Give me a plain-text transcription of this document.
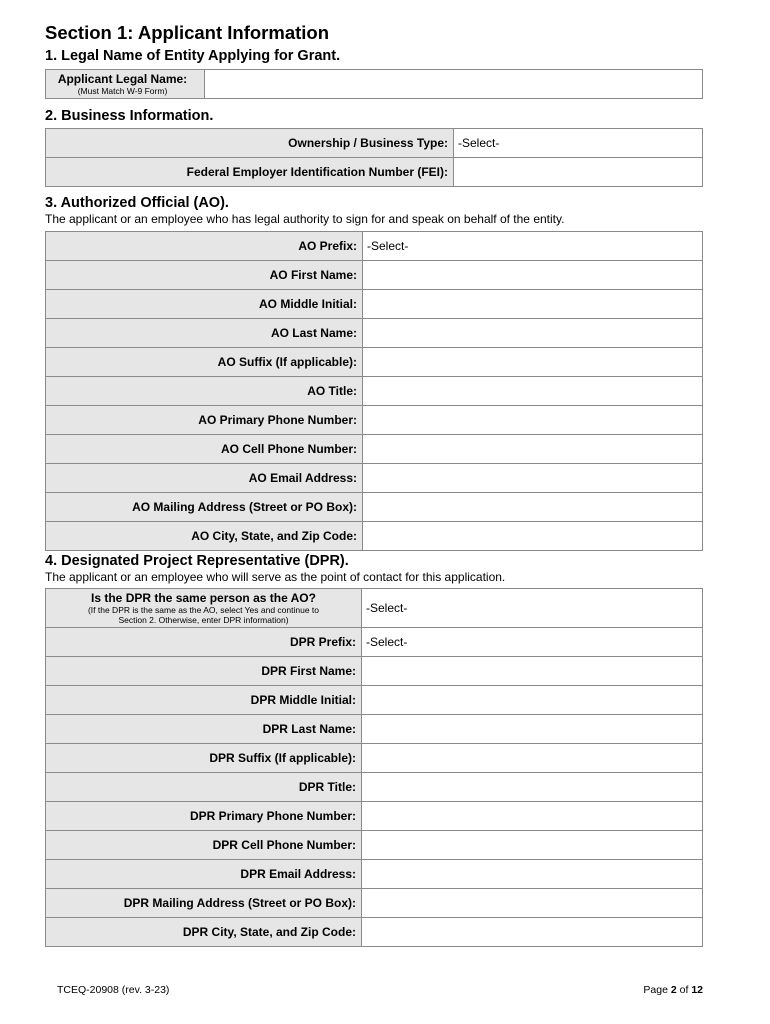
Section 1: Applicant Information
1. Legal Name of Entity Applying for Grant.
Applicant Legal Name:
(Must Match W-9 Form)

2. Business Information.
Ownership / Business Type:	-Select-
Federal Employer Identification Number (FEI):	
3. Authorized Official (AO).
The applicant or an employee who has legal authority to sign for and speak on behalf of the entity.
AO Prefix:	-Select-
AO First Name:	
AO Middle Initial:	
AO Last Name:	
AO Suffix (If applicable):	
AO Title:	
AO Primary Phone Number:	
AO Cell Phone Number:	
AO Email Address:	
AO Mailing Address (Street or PO Box):	
AO City, State, and Zip Code:	
4. Designated Project Representative (DPR).
The applicant or an employee who will serve as the point of contact for this application.
Is the DPR the same person as the AO?
(If the DPR is the same as the AO, select Yes and continue to
Section 2. Otherwise, enter DPR information)	-Select-
DPR Prefix:	-Select-
DPR First Name:	
DPR Middle Initial:	
DPR Last Name:	
DPR Suffix (If applicable):	
DPR Title:	
DPR Primary Phone Number:	
DPR Cell Phone Number:	
DPR Email Address:	
DPR Mailing Address (Street or PO Box):	
DPR City, State, and Zip Code:	
TCEQ-20908 (rev. 3-23)	Page 2 of 12
